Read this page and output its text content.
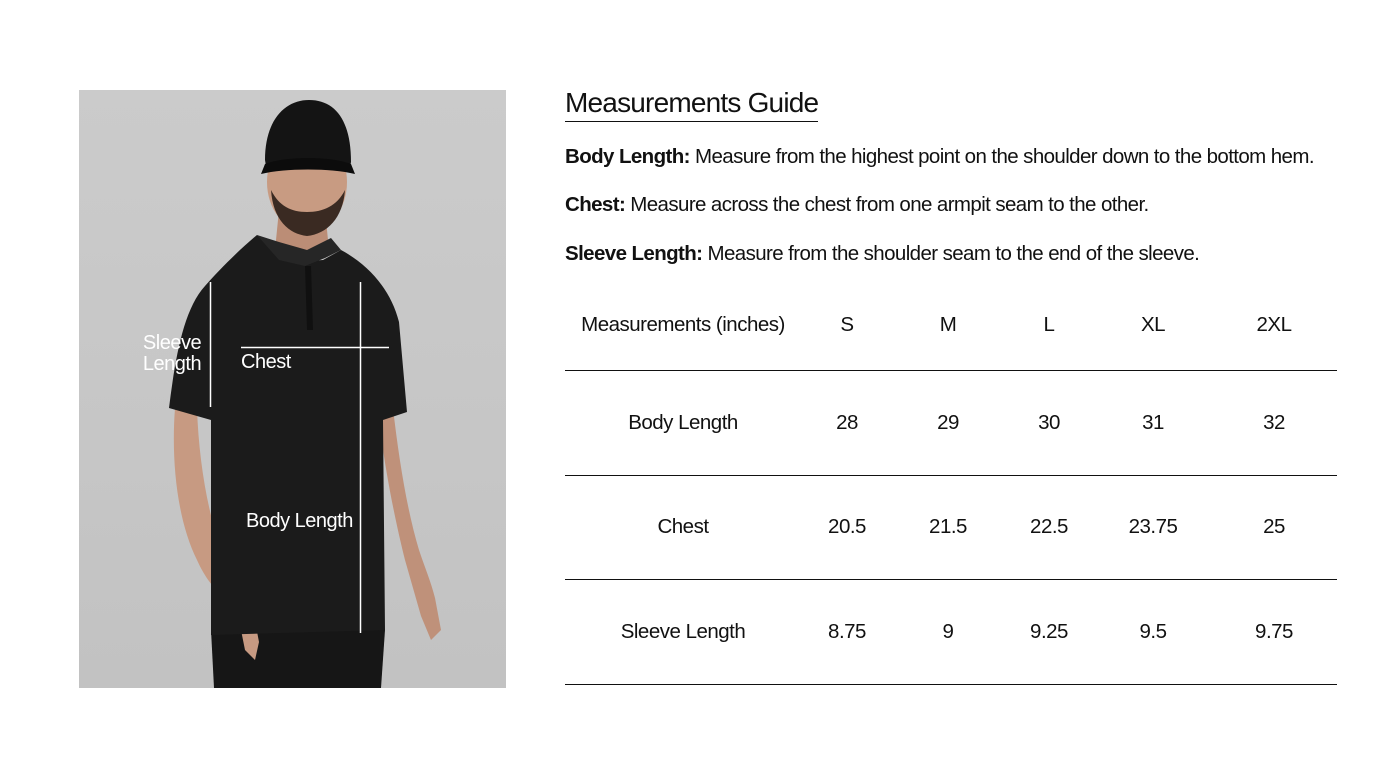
Sleeve
Length Chest
Body Length
Measurements Guide
Body Length: Measure from the highest point on the shoulder down to the bottom hem.
Chest: Measure across the chest from one armpit seam to the other.
Sleeve Length: Measure from the shoulder seam to the end of the sleeve.
Measurements (inches)	S	M	L	XL	2XL
Body Length	28	29	30	31	32
Chest	20.5	21.5	22.5	23.75	25
Sleeve Length	8.75	9	9.25	9.5	9.75
